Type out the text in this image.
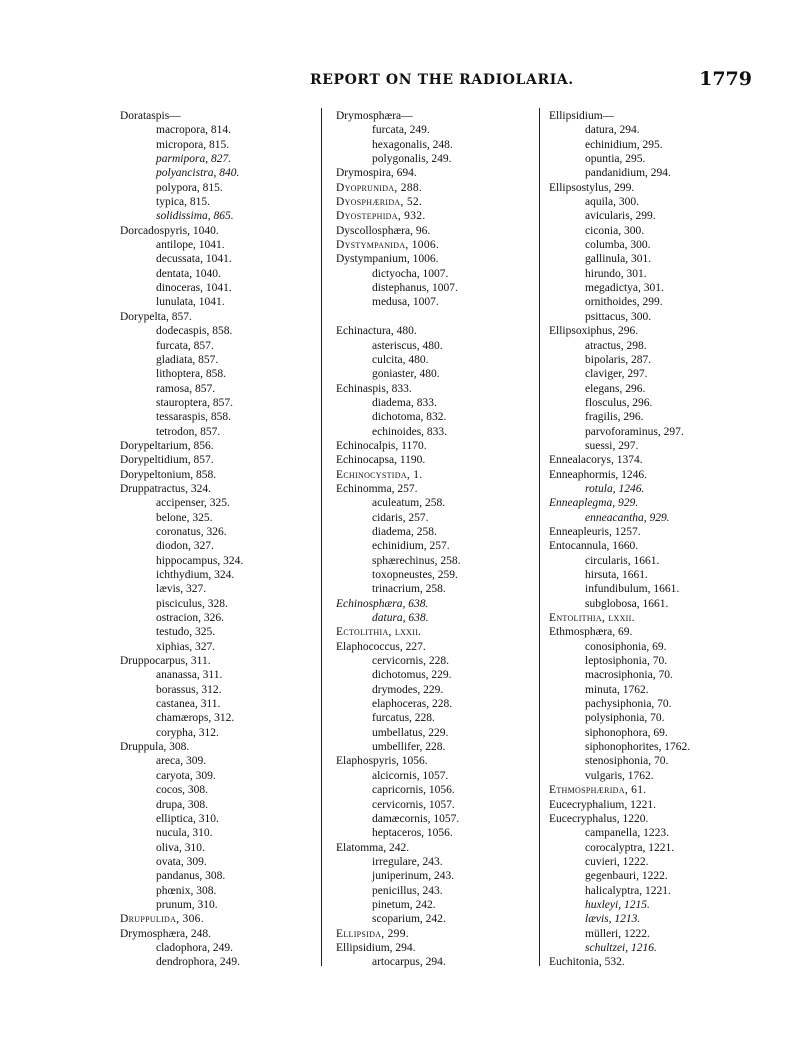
REPORT ON THE RADIOLARIA.	1779
Dorataspis—
macropora, 814.
micropora, 815.
parmipora, 827.
polyancistra, 840.
polypora, 815.
typica, 815.
solidissima, 865.
Dorcadospyris, 1040.
antilope, 1041.
decussata, 1041.
dentata, 1040.
dinoceras, 1041.
lunulata, 1041.
Dorypelta, 857.
dodecaspis, 858.
furcata, 857.
gladiata, 857.
lithoptera, 858.
ramosa, 857.
stauroptera, 857.
tessaraspis, 858.
tetrodon, 857.
Dorypeltarium, 856.
Dorypeltidium, 857.
Dorypeltonium, 858.
Druppatractus, 324.
accipenser, 325.
belone, 325.
coronatus, 326.
diodon, 327.
hippocampus, 324.
ichthydium, 324.
lævis, 327.
pisciculus, 328.
ostracion, 326.
testudo, 325.
xiphias, 327.
Druppocarpus, 311.
ananassa, 311.
borassus, 312.
castanea, 311.
chamærops, 312.
corypha, 312.
Druppula, 308.
areca, 309.
caryota, 309.
cocos, 308.
drupa, 308.
elliptica, 310.
nucula, 310.
oliva, 310.
ovata, 309.
pandanus, 308.
phœnix, 308.
prunum, 310.
Druppulida, 306.
Drymosphæra, 248.
cladophora, 249.
dendrophora, 249.
Drymosphæra—
furcata, 249.
hexagonalis, 248.
polygonalis, 249.
Drymospira, 694.
Dyoprunida, 288.
Dyosphærida, 52.
Dyostephida, 932.
Dyscollosphæra, 96.
Dystympanida, 1006.
Dystympanium, 1006.
dictyocha, 1007.
distephanus, 1007.
medusa, 1007.
Echinactura, 480.
asteriscus, 480.
culcita, 480.
goniaster, 480.
Echinaspis, 833.
diadema, 833.
dichotoma, 832.
echinoides, 833.
Echinocalpis, 1170.
Echinocapsa, 1190.
Echinocystida, 1.
Echinomma, 257.
aculeatum, 258.
cidaris, 257.
diadema, 258.
echinidium, 257.
sphærechinus, 258.
toxopneustes, 259.
trinacrium, 258.
Echinosphæra, 638.
datura, 638.
Ectolithia, lxxii.
Elaphococcus, 227.
cervicornis, 228.
dichotomus, 229.
drymodes, 229.
elaphoceras, 228.
furcatus, 228.
umbellatus, 229.
umbellifer, 228.
Elaphospyris, 1056.
alcicornis, 1057.
capricornis, 1056.
cervicornis, 1057.
damæcornis, 1057.
heptaceros, 1056.
Elatomma, 242.
irregulare, 243.
juniperinum, 243.
penicillus, 243.
pinetum, 242.
scoparium, 242.
Ellipsida, 299.
Ellipsidium, 294.
artocarpus, 294.
Ellipsidium—
datura, 294.
echinidium, 295.
opuntia, 295.
pandanidium, 294.
Ellipsostylus, 299.
aquila, 300.
avicularis, 299.
ciconia, 300.
columba, 300.
gallinula, 301.
hirundo, 301.
megadictya, 301.
ornithoides, 299.
psittacus, 300.
Ellipsoxiphus, 296.
atractus, 298.
bipolaris, 287.
claviger, 297.
elegans, 296.
flosculus, 296.
fragilis, 296.
parvoforaminus, 297.
suessi, 297.
Ennealacorys, 1374.
Enneaphormis, 1246.
rotula, 1246.
Enneaplegma, 929.
enneacantha, 929.
Enneapleuris, 1257.
Entocannula, 1660.
circularis, 1661.
hirsuta, 1661.
infundibulum, 1661.
subglobosa, 1661.
Entolithia, lxxii.
Ethmosphæra, 69.
conosiphonia, 69.
leptosiphonia, 70.
macrosiphonia, 70.
minuta, 1762.
pachysiphonia, 70.
polysiphonia, 70.
siphonophora, 69.
siphonophorites, 1762.
stenosiphonia, 70.
vulgaris, 1762.
Ethmosphærida, 61.
Eucecryphalium, 1221.
Eucecryphalus, 1220.
campanella, 1223.
corocalyptra, 1221.
cuvieri, 1222.
gegenbauri, 1222.
halicalyptra, 1221.
huxleyi, 1215.
lævis, 1213.
mülleri, 1222.
schultzei, 1216.
Euchitonia, 532.
